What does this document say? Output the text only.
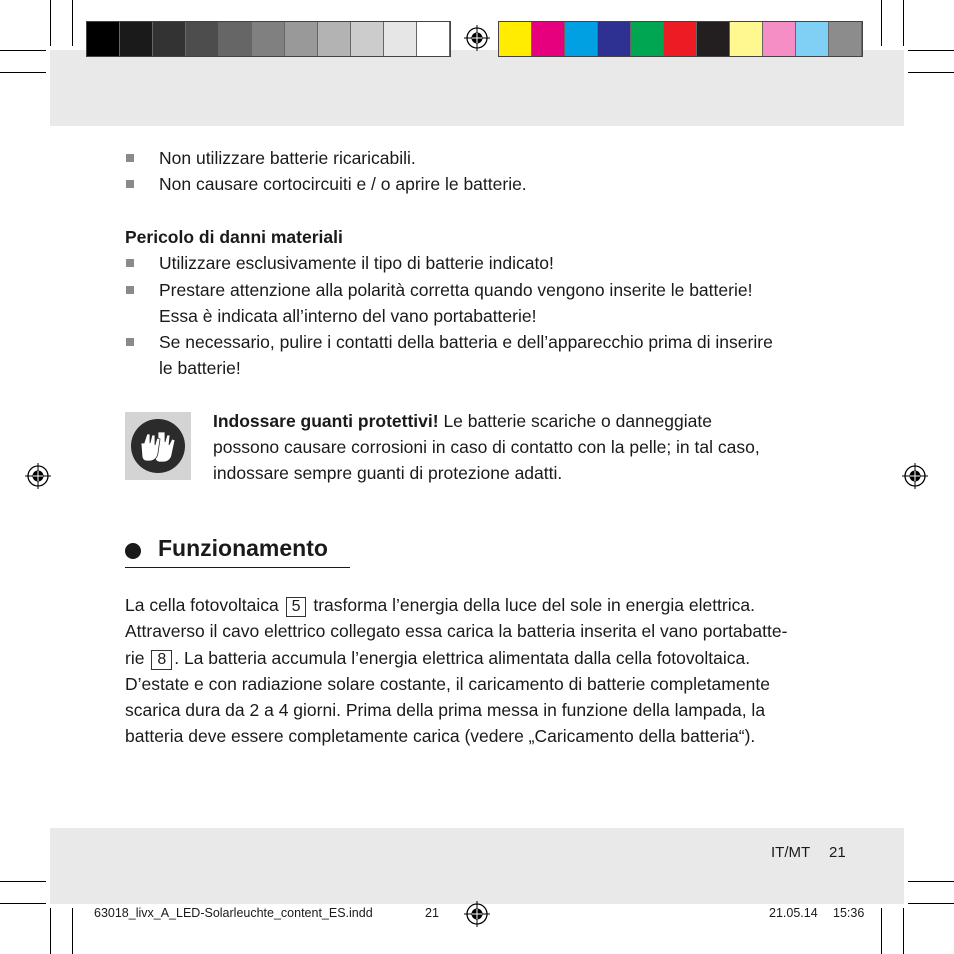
Non utilizzare batterie ricaricabili.
Non causare cortocircuiti e / o aprire le batterie.
Pericolo di danni materiali
Utilizzare esclusivamente il tipo di batterie indicato!
Prestare attenzione alla polarità corretta quando vengono inserite le batterie!
Essa è indicata all’interno del vano portabatterie!
Se necessario, pulire i contatti della batteria e dell’apparecchio prima di inserire
le batterie!
Indossare guanti protettivi! Le batterie scariche o danneggiate
possono causare corrosioni in caso di contatto con la pelle; in tal caso,
indossare sempre guanti di protezione adatti.
Funzionamento
La cella fotovoltaica 5 trasforma l’energia della luce del sole in energia elettrica.
Attraverso il cavo elettrico collegato essa carica la batteria inserita el vano portabatte-
rie 8 . La batteria accumula l’energia elettrica alimentata dalla cella fotovoltaica.
D’estate e con radiazione solare costante, il caricamento di batterie completamente
scarica dura da 2 a 4 giorni. Prima della prima messa in funzione della lampada, la
batteria deve essere completamente carica (vedere „Caricamento della batteria“).
IT/MT 21
63018_livx_A_LED-Solarleuchte_content_ES.indd	21	21.05.14 15:36
